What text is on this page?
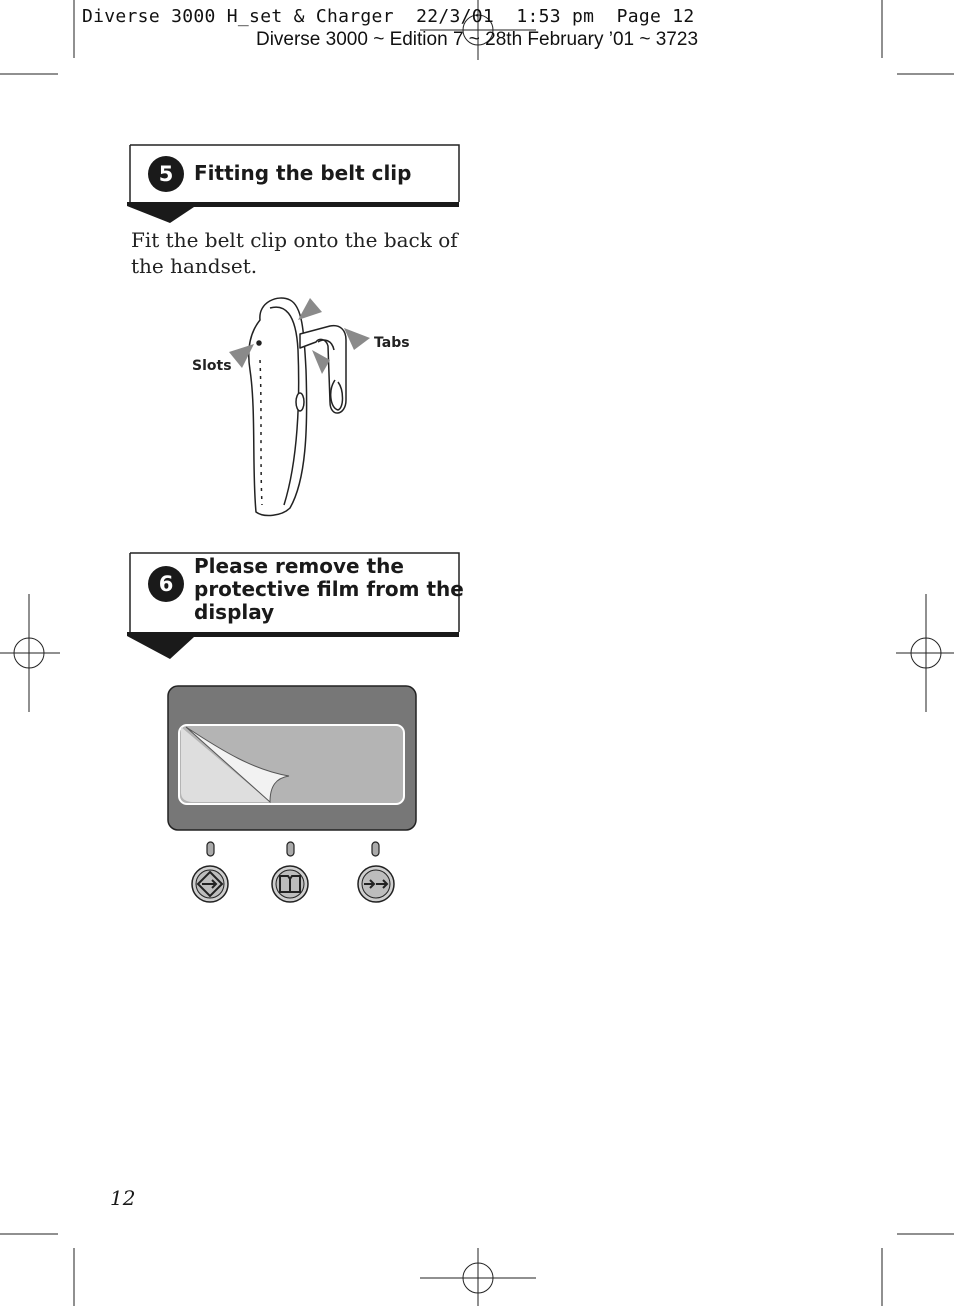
Diverse 3000 H_set & Charger  22/3/01  1:53 pm  Page 12
Diverse 3000 ~ Edition 7 ~ 28th February ’01 ~ 3723
5	Fitting the belt clip
Fit the belt clip onto the back of the handset.
Slots
Tabs
6
Please remove the
protective film from the
display
12
